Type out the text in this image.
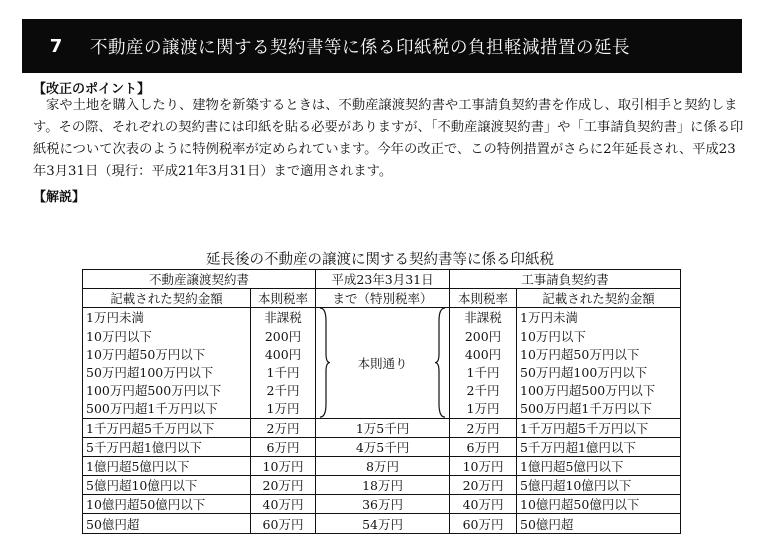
7	不動産の譲渡に関する契約書等に係る印紙税の負担軽減措置の延長
【改正のポイント】
家や土地を購入したり、建物を新築するときは、不動産譲渡契約書や工事請負契約書を作成し、取引相手と契約します。その際、それぞれの契約書には印紙を貼る必要がありますが、「不動産譲渡契約書」や「工事請負契約書」に係る印紙税について次表のように特例税率が定められています。今年の改正で、この特例措置がさらに2年延長され、平成23年3月31日（現行：平成21年3月31日）まで適用されます。
【解説】
延長後の不動産の譲渡に関する契約書等に係る印紙税
不動産譲渡契約書		平成23年3月31日	工事請負契約書	
記載された契約金額	本則税率	まで（特別税率）	本則税率	記載された契約金額
1万円未満	非課税	本則通り	非課税	1万円未満
10万円以下	200円		200円	10万円以下
10万円超50万円以下	400円		400円	10万円超50万円以下
50万円超100万円以下	1千円		1千円	50万円超100万円以下
100万円超500万円以下	2千円		2千円	100万円超500万円以下
500万円超1千万円以下	1万円		1万円	500万円超1千万円以下
1千万円超5千万円以下	2万円	1万5千円	2万円	1千万円超5千万円以下
5千万円超1億円以下	6万円	4万5千円	6万円	5千万円超1億円以下
1億円超5億円以下	10万円	8万円	10万円	1億円超5億円以下
5億円超10億円以下	20万円	18万円	20万円	5億円超10億円以下
10億円超50億円以下	40万円	36万円	40万円	10億円超50億円以下
50億円超	60万円	54万円	60万円	50億円超
